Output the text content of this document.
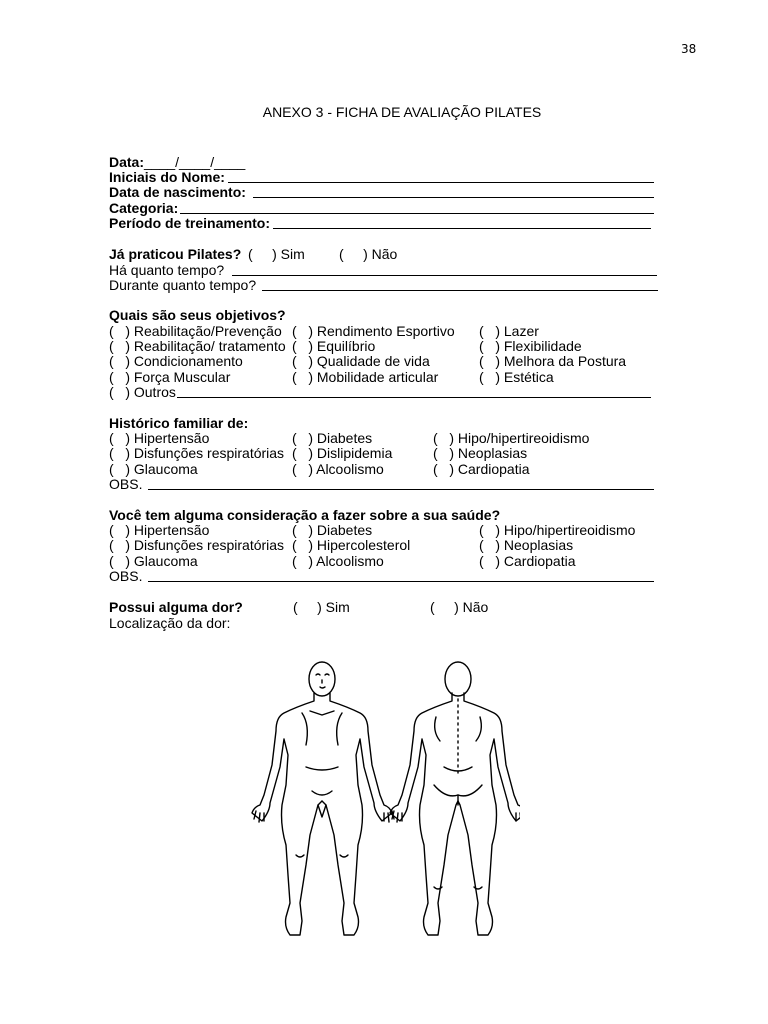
38
ANEXO 3 - FICHA DE AVALIAÇÃO PILATES
Data:____/____/____
Iniciais do Nome:
Data de nascimento:
Categoria:
Período de treinamento:
Já praticou Pilates? (     ) Sim (     ) Não
Há quanto tempo?
Durante quanto tempo?
Quais são seus objetivos?
(   ) Reabilitação/Prevenção
(   ) Reabilitação/ tratamento
(   ) Condicionamento
(   ) Força Muscular
(   ) Rendimento Esportivo
(   ) Equilíbrio
(   ) Qualidade de vida
(   ) Mobilidade articular
(   ) Lazer
(   ) Flexibilidade
(   ) Melhora da Postura
(   ) Estética
(   ) Outros
Histórico familiar de:
(   ) Hipertensão
(   ) Disfunções respiratórias
(   ) Glaucoma
(   ) Diabetes
(   ) Dislipidemia
(   ) Alcoolismo
(   ) Hipo/hipertireoidismo
(   ) Neoplasias
(   ) Cardiopatia
OBS.
Você tem alguma consideração a fazer sobre a sua saúde?
(   ) Hipertensão
(   ) Disfunções respiratórias
(   ) Glaucoma
(   ) Diabetes
(   ) Hipercolesterol
(   ) Alcoolismo
(   ) Hipo/hipertireoidismo
(   ) Neoplasias
(   ) Cardiopatia
OBS.
Possui alguma dor?	(     ) Sim	(     ) Não
Localização da dor:
